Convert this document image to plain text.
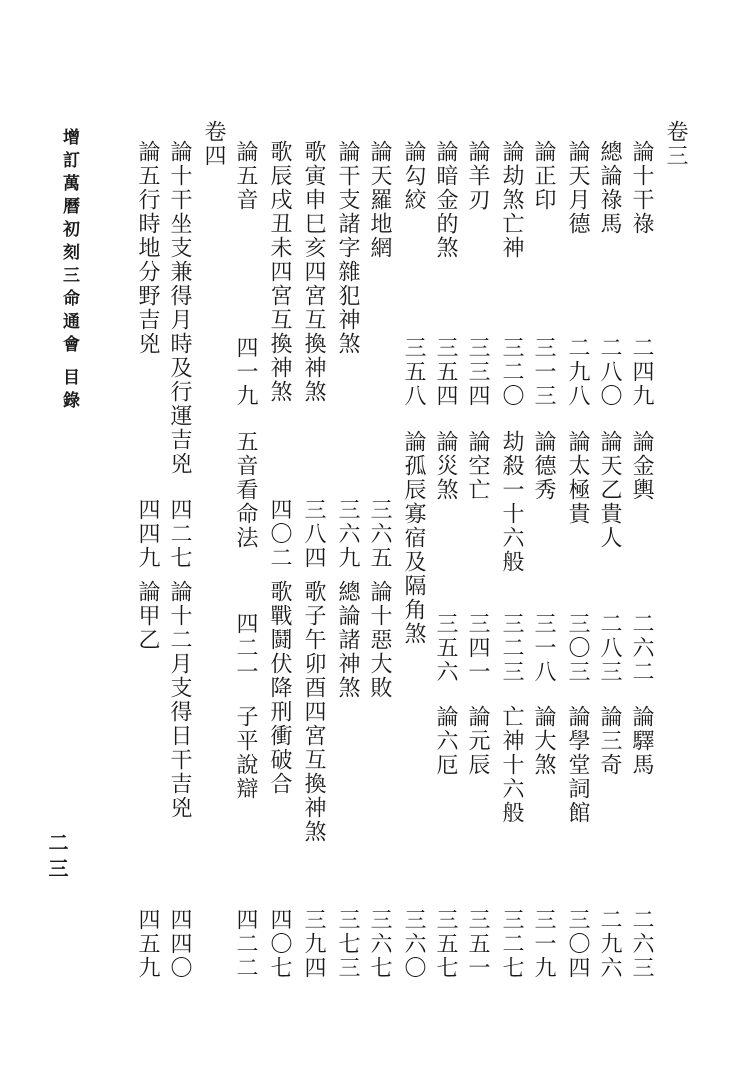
增訂萬曆初刻三命通會
目錄
二三
卷三
論十干祿
二四九
論金輿
二六二
論驛馬
二六三
總論祿馬
二八〇
論天乙貴人
二八三
論三奇
二九六
論天月德
二九八
論太極貴
三〇三
論學堂詞館
三〇四
論正印
三一三
論德秀
三一八
論大煞
三一九
論劫煞亡神
三二〇
劫殺一十六般
三二三
亡神十六般
三二七
論羊刃
三三四
論空亡
三四一
論元辰
三五一
論暗金的煞
三五四
論災煞
三五六
論六厄
三五七
論勾絞
三五八
論孤辰寡宿及隔角煞
三六〇
論天羅地網
三六五
論十惡大敗
三六七
論干支諸字雜犯神煞
三六九
總論諸神煞
三七三
歌寅申巳亥四宮互換神煞
三八四
歌子午卯酉四宮互換神煞
三九四
歌辰戌丑未四宮互換神煞
四〇二
歌戰鬪伏降刑衝破合
四〇七
論五音
四一九
五音看命法
四二一
子平說辯
四二二
卷四
論十干坐支兼得月時及行運吉兇
四二七
論十二月支得日干吉兇
四四〇
論五行時地分野吉兇
四四九
論甲乙
四五九
